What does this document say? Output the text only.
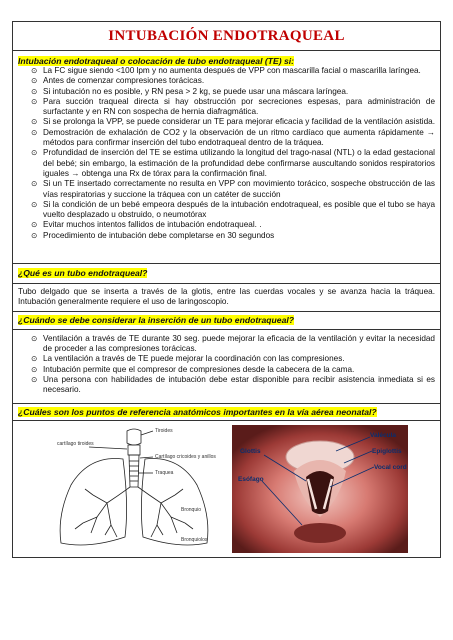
INTUBACIÓN ENDOTRAQUEAL
Intubación endotraqueal o colocación de tubo endotraqueal (TE) si:
⊙ La FC sigue siendo <100 lpm y no aumenta después de VPP con mascarilla facial o mascarilla laríngea.
⊙ Antes de comenzar compresiones torácicas.
⊙ Si intubación no es posible, y RN pesa > 2 kg, se puede usar una máscara laríngea.
⊙ Para succión traqueal directa si hay obstrucción por secreciones espesas, para administración de surfactante y en RN con sospecha de hernia diafragmática.
⊙ Si se prolonga la VPP, se puede considerar un TE para mejorar eficacia y facilidad de la ventilación asistida.
⊙ Demostración de exhalación de CO2 y la observación de un ritmo cardíaco que aumenta rápidamente → métodos para confirmar inserción del tubo endotraqueal dentro de la tráquea.
⊙ Profundidad de inserción del TE se estima utilizando la longitud del trago-nasal (NTL) o la edad gestacional del bebé; sin embargo, la estimación de la profundidad debe confirmarse auscultando sonidos respiratorios iguales → obtenga una Rx de tórax para la confirmación final.
⊙ Si un TE insertado correctamente no resulta en VPP con movimiento torácico, sospeche obstrucción de las vías respiratorias y succione la tráquea con un catéter de succión
⊙ Si la condición de un bebé empeora después de la intubación endotraqueal, es posible que el tubo se haya vuelto desplazado u obstruido, o neumotórax
⊙ Evitar muchos intentos fallidos de intubación endotraqueal. .
⊙ Procedimiento de intubación debe completarse en 30 segundos
¿Qué es un tubo endotraqueal?
Tubo delgado que se inserta a través de la glotis, entre las cuerdas vocales y se avanza hacia la tráquea. Intubación generalmente requiere el uso de laringoscopio.
¿Cuándo se debe considerar la inserción de un tubo endotraqueal?
⊙ Ventilación a través de TE durante 30 seg. puede mejorar la eficacia de la ventilación y evitar la necesidad de proceder a las compresiones torácicas.
⊙ La ventilación a través de TE puede mejorar la coordinación con las compresiones.
⊙ Intubación permite que el compresor de compresiones desde la cabecera de la cama.
⊙ Una persona con habilidades de intubación debe estar disponible para recibir asistencia inmediata si es necesario.
¿Cuáles son los puntos de referencia anatómicos importantes en la vía aérea neonatal?
Tiroides
cartílago tiroides
Cartílago cricoides y anillos
Traquea
Bronquio
Bronquiolos
Valécula
Epiglottis
Glottis
Vocal cord
Esófago
